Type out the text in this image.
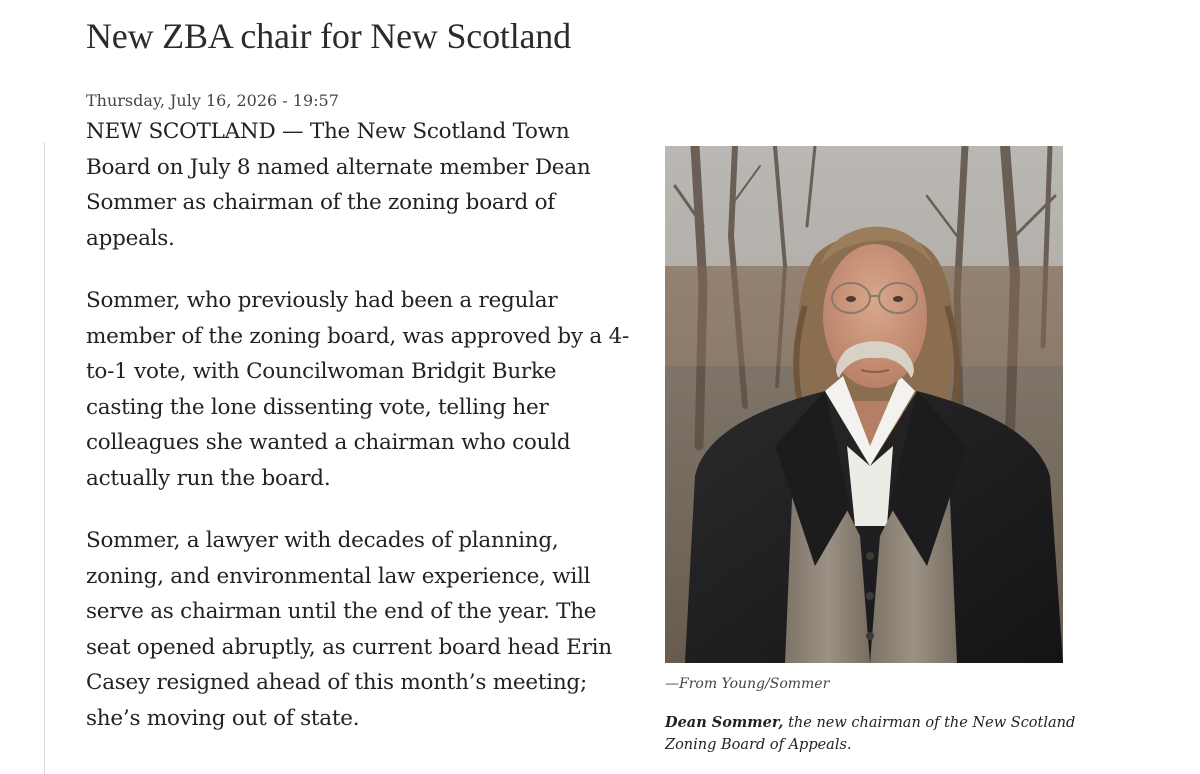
New ZBA chair for New Scotland
Thursday, July 16, 2026 - 19:57

NEW SCOTLAND — The New Scotland Town Board on July 8 named alternate member Dean Sommer as chairman of the zoning board of appeals.

Sommer, who previously had been a regular member of the zoning board, was approved by a 4-to-1 vote, with Councilwoman Bridgit Burke casting the lone dissenting vote, telling her colleagues she wanted a chairman who could actually run the board.

Sommer, a lawyer with decades of planning, zoning, and environmental law experience, will serve as chairman until the end of the year. The seat opened abruptly, as current board head Erin Casey resigned ahead of this month’s meeting; she’s moving out of state.

—From Young/Sommer
Dean Sommer, the new chairman of the New Scotland Zoning Board of Appeals.
